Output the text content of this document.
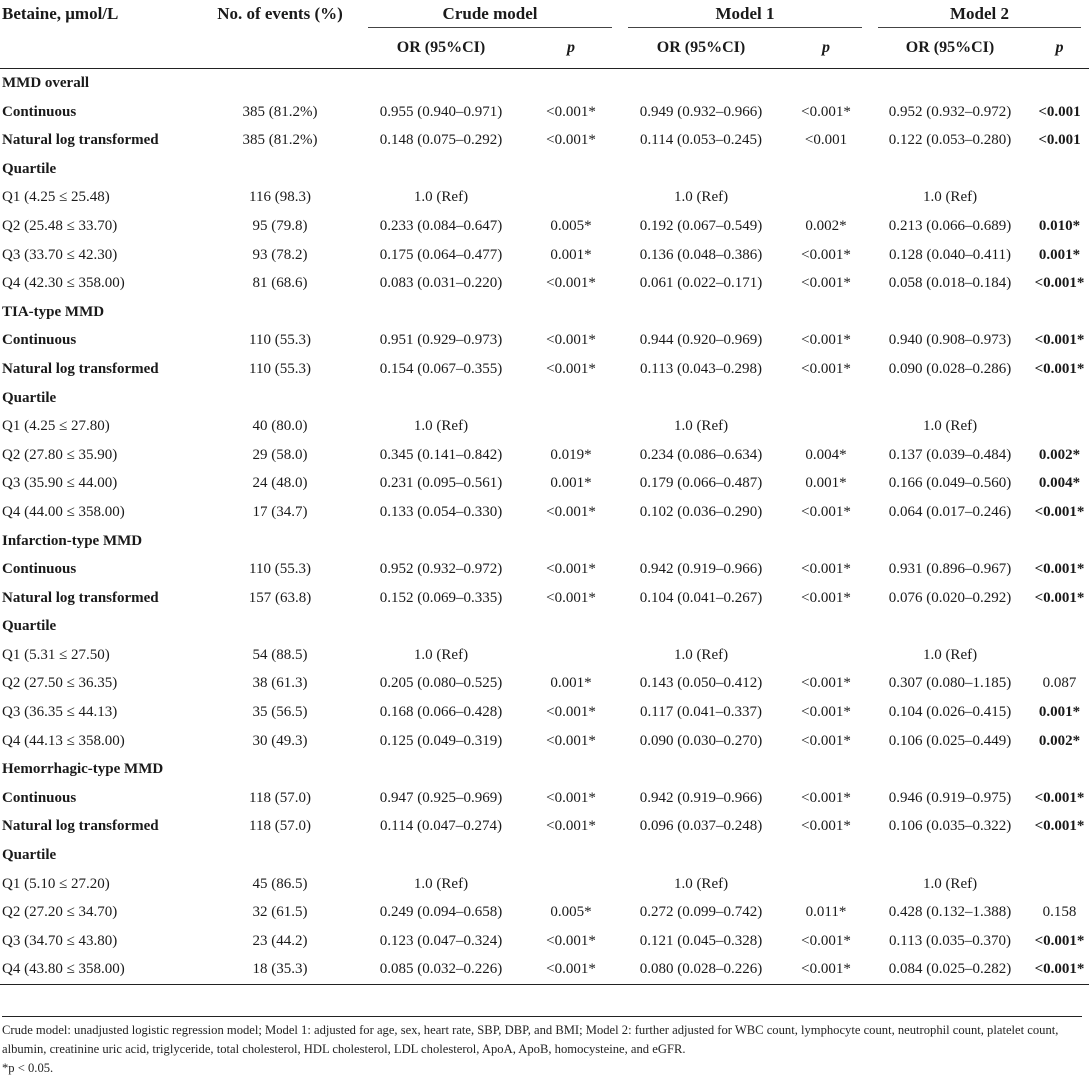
Betaine, μmol/L	No. of events (%)	Crude model		Model 1		Model 2	
		OR (95%CI)	p	OR (95%CI)	p	OR (95%CI)	p
MMD overall							
Continuous	385 (81.2%)	0.955 (0.940–0.971)	<0.001*	0.949 (0.932–0.966)	<0.001*	0.952 (0.932–0.972)	<0.001
Natural log transformed	385 (81.2%)	0.148 (0.075–0.292)	<0.001*	0.114 (0.053–0.245)	<0.001	0.122 (0.053–0.280)	<0.001
Quartile							
Q1 (4.25 ≤ 25.48)	116 (98.3)	1.0 (Ref)		1.0 (Ref)		1.0 (Ref)	
Q2 (25.48 ≤ 33.70)	95 (79.8)	0.233 (0.084–0.647)	0.005*	0.192 (0.067–0.549)	0.002*	0.213 (0.066–0.689)	0.010*
Q3 (33.70 ≤ 42.30)	93 (78.2)	0.175 (0.064–0.477)	0.001*	0.136 (0.048–0.386)	<0.001*	0.128 (0.040–0.411)	0.001*
Q4 (42.30 ≤ 358.00)	81 (68.6)	0.083 (0.031–0.220)	<0.001*	0.061 (0.022–0.171)	<0.001*	0.058 (0.018–0.184)	<0.001*
TIA-type MMD							
Continuous	110 (55.3)	0.951 (0.929–0.973)	<0.001*	0.944 (0.920–0.969)	<0.001*	0.940 (0.908–0.973)	<0.001*
Natural log transformed	110 (55.3)	0.154 (0.067–0.355)	<0.001*	0.113 (0.043–0.298)	<0.001*	0.090 (0.028–0.286)	<0.001*
Quartile							
Q1 (4.25 ≤ 27.80)	40 (80.0)	1.0 (Ref)		1.0 (Ref)		1.0 (Ref)	
Q2 (27.80 ≤ 35.90)	29 (58.0)	0.345 (0.141–0.842)	0.019*	0.234 (0.086–0.634)	0.004*	0.137 (0.039–0.484)	0.002*
Q3 (35.90 ≤ 44.00)	24 (48.0)	0.231 (0.095–0.561)	0.001*	0.179 (0.066–0.487)	0.001*	0.166 (0.049–0.560)	0.004*
Q4 (44.00 ≤ 358.00)	17 (34.7)	0.133 (0.054–0.330)	<0.001*	0.102 (0.036–0.290)	<0.001*	0.064 (0.017–0.246)	<0.001*
Infarction-type MMD							
Continuous	110 (55.3)	0.952 (0.932–0.972)	<0.001*	0.942 (0.919–0.966)	<0.001*	0.931 (0.896–0.967)	<0.001*
Natural log transformed	157 (63.8)	0.152 (0.069–0.335)	<0.001*	0.104 (0.041–0.267)	<0.001*	0.076 (0.020–0.292)	<0.001*
Quartile							
Q1 (5.31 ≤ 27.50)	54 (88.5)	1.0 (Ref)		1.0 (Ref)		1.0 (Ref)	
Q2 (27.50 ≤ 36.35)	38 (61.3)	0.205 (0.080–0.525)	0.001*	0.143 (0.050–0.412)	<0.001*	0.307 (0.080–1.185)	0.087
Q3 (36.35 ≤ 44.13)	35 (56.5)	0.168 (0.066–0.428)	<0.001*	0.117 (0.041–0.337)	<0.001*	0.104 (0.026–0.415)	0.001*
Q4 (44.13 ≤ 358.00)	30 (49.3)	0.125 (0.049–0.319)	<0.001*	0.090 (0.030–0.270)	<0.001*	0.106 (0.025–0.449)	0.002*
Hemorrhagic-type MMD							
Continuous	118 (57.0)	0.947 (0.925–0.969)	<0.001*	0.942 (0.919–0.966)	<0.001*	0.946 (0.919–0.975)	<0.001*
Natural log transformed	118 (57.0)	0.114 (0.047–0.274)	<0.001*	0.096 (0.037–0.248)	<0.001*	0.106 (0.035–0.322)	<0.001*
Quartile							
Q1 (5.10 ≤ 27.20)	45 (86.5)	1.0 (Ref)		1.0 (Ref)		1.0 (Ref)	
Q2 (27.20 ≤ 34.70)	32 (61.5)	0.249 (0.094–0.658)	0.005*	0.272 (0.099–0.742)	0.011*	0.428 (0.132–1.388)	0.158
Q3 (34.70 ≤ 43.80)	23 (44.2)	0.123 (0.047–0.324)	<0.001*	0.121 (0.045–0.328)	<0.001*	0.113 (0.035–0.370)	<0.001*
Q4 (43.80 ≤ 358.00)	18 (35.3)	0.085 (0.032–0.226)	<0.001*	0.080 (0.028–0.226)	<0.001*	0.084 (0.025–0.282)	<0.001*

Crude model: unadjusted logistic regression model; Model 1: adjusted for age, sex, heart rate, SBP, DBP, and BMI; Model 2: further adjusted for WBC count, lymphocyte count, neutrophil count, platelet count, albumin, creatinine uric acid, triglyceride, total cholesterol, HDL cholesterol, LDL cholesterol, ApoA, ApoB, homocysteine, and eGFR.

*p < 0.05.
